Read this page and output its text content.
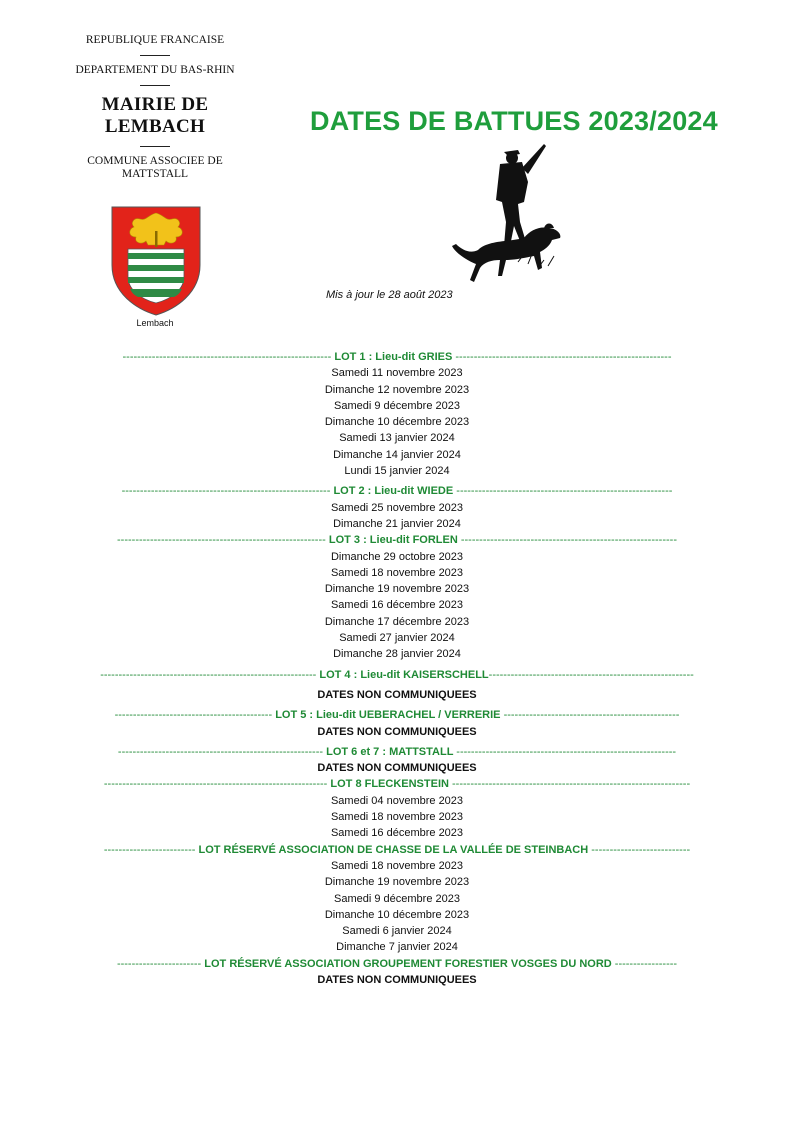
REPUBLIQUE FRANCAISE
DEPARTEMENT DU BAS-RHIN
MAIRIE DE
LEMBACH
COMMUNE ASSOCIEE DE
MATTSTALL
Lembach
DATES DE BATTUES 2023/2024
Mis à jour le 28 août 2023
--------------------------------------------------------- LOT 1 : Lieu-dit GRIES -----------------------------------------------------------
Samedi 11 novembre 2023
Dimanche 12 novembre 2023
Samedi 9 décembre 2023
Dimanche 10 décembre 2023
Samedi 13 janvier 2024
Dimanche 14 janvier 2024
Lundi 15 janvier 2024
--------------------------------------------------------- LOT 2 : Lieu-dit WIEDE -----------------------------------------------------------
Samedi 25 novembre 2023
Dimanche 21 janvier 2024
--------------------------------------------------------- LOT 3 : Lieu-dit FORLEN -----------------------------------------------------------
Dimanche 29 octobre 2023
Samedi 18 novembre 2023
Dimanche 19 novembre 2023
Samedi 16 décembre 2023
Dimanche 17 décembre 2023
Samedi 27 janvier 2024
Dimanche 28 janvier 2024
----------------------------------------------------------- LOT 4 : Lieu-dit KAISERSCHELL--------------------------------------------------------
DATES NON COMMUNIQUEES
------------------------------------------- LOT 5 : Lieu-dit UEBERACHEL / VERRERIE ------------------------------------------------
DATES NON COMMUNIQUEES
-------------------------------------------------------- LOT 6 et 7 : MATTSTALL ------------------------------------------------------------
DATES NON COMMUNIQUEES
------------------------------------------------------------- LOT 8 FLECKENSTEIN -----------------------------------------------------------------
Samedi 04 novembre 2023
Samedi 18 novembre 2023
Samedi 16 décembre 2023
------------------------- LOT RÉSERVÉ ASSOCIATION DE CHASSE DE LA VALLÉE DE STEINBACH ---------------------------
Samedi 18 novembre 2023
Dimanche 19 novembre 2023
Samedi 9 décembre 2023
Dimanche 10 décembre 2023
Samedi 6 janvier 2024
Dimanche 7 janvier 2024
----------------------- LOT RÉSERVÉ ASSOCIATION GROUPEMENT FORESTIER VOSGES DU NORD -----------------
DATES NON COMMUNIQUEES
